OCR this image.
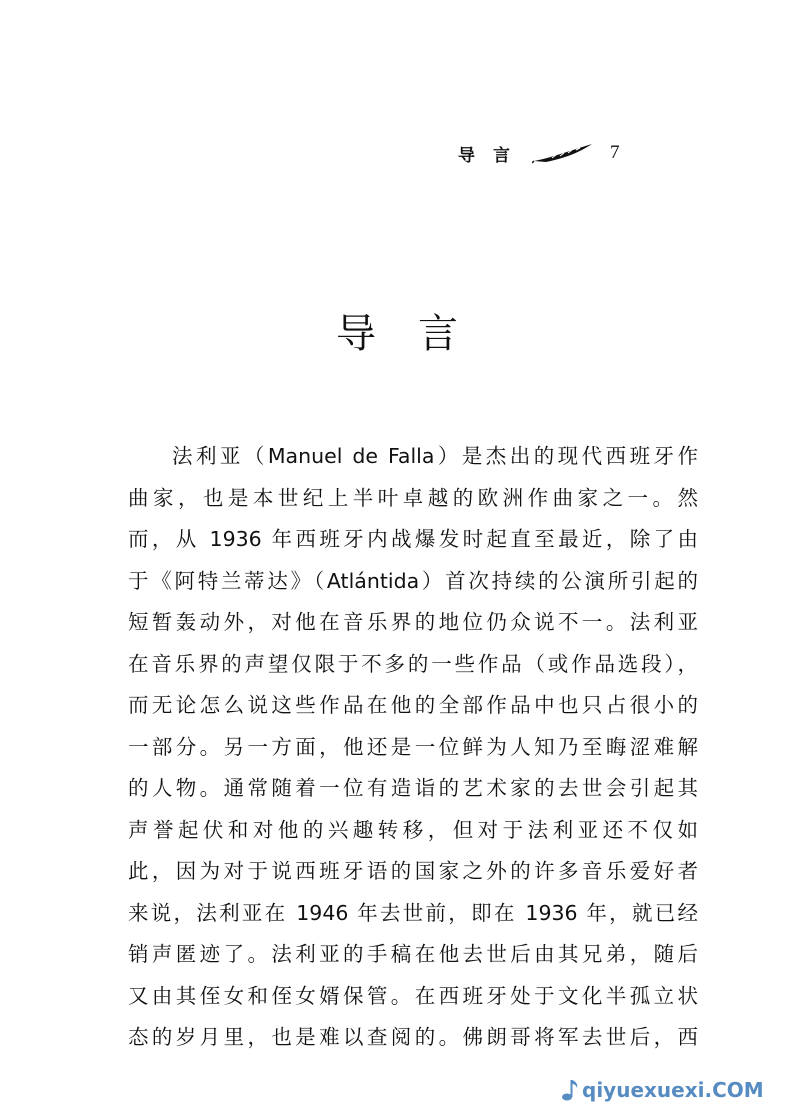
导言	7
导言
法利亚（Manuel de Falla）是杰出的现代西班牙作
曲家，也是本世纪上半叶卓越的欧洲作曲家之一。然
而，从 1936 年西班牙内战爆发时起直至最近，除了由
于《阿特兰蒂达》（Atlántida）首次持续的公演所引起的
短暂轰动外，对他在音乐界的地位仍众说不一。法利亚
在音乐界的声望仅限于不多的一些作品（或作品选段），
而无论怎么说这些作品在他的全部作品中也只占很小的
一部分。另一方面，他还是一位鲜为人知乃至晦涩难解
的人物。通常随着一位有造诣的艺术家的去世会引起其
声誉起伏和对他的兴趣转移，但对于法利亚还不仅如
此，因为对于说西班牙语的国家之外的许多音乐爱好者
来说，法利亚在 1946 年去世前，即在 1936 年，就已经
销声匿迹了。法利亚的手稿在他去世后由其兄弟，随后
又由其侄女和侄女婿保管。在西班牙处于文化半孤立状
态的岁月里，也是难以查阅的。佛朗哥将军去世后，西
qiyuexuexi.COM
